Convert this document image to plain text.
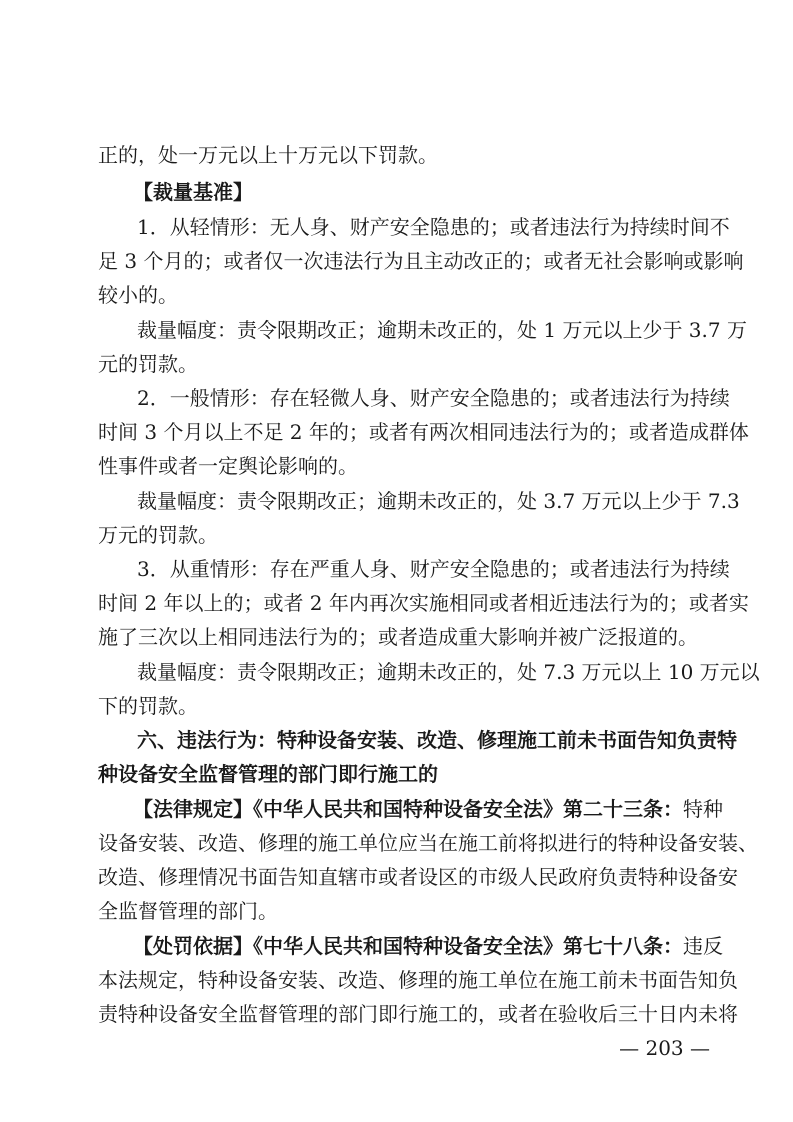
正的，处一万元以上十万元以下罚款。
【裁量基准】
1．从轻情形：无人身、财产安全隐患的；或者违法行为持续时间不
足 3 个月的；或者仅一次违法行为且主动改正的；或者无社会影响或影响
较小的。
裁量幅度：责令限期改正；逾期未改正的，处 1 万元以上少于 3.7 万
元的罚款。
2．一般情形：存在轻微人身、财产安全隐患的；或者违法行为持续
时间 3 个月以上不足 2 年的；或者有两次相同违法行为的；或者造成群体
性事件或者一定舆论影响的。
裁量幅度：责令限期改正；逾期未改正的，处 3.7 万元以上少于 7.3
万元的罚款。
3．从重情形：存在严重人身、财产安全隐患的；或者违法行为持续
时间 2 年以上的；或者 2 年内再次实施相同或者相近违法行为的；或者实
施了三次以上相同违法行为的；或者造成重大影响并被广泛报道的。
裁量幅度：责令限期改正；逾期未改正的，处 7.3 万元以上 10 万元以
下的罚款。
六、违法行为：特种设备安装、改造、修理施工前未书面告知负责特
种设备安全监督管理的部门即行施工的
【法律规定】《中华人民共和国特种设备安全法》第二十三条： 特种
设备安装、改造、修理的施工单位应当在施工前将拟进行的特种设备安装、
改造、修理情况书面告知直辖市或者设区的市级人民政府负责特种设备安
全监督管理的部门。
【处罚依据】《中华人民共和国特种设备安全法》第七十八条： 违反
本法规定，特种设备安装、改造、修理的施工单位在施工前未书面告知负
责特种设备安全监督管理的部门即行施工的，或者在验收后三十日内未将
— 203 —
